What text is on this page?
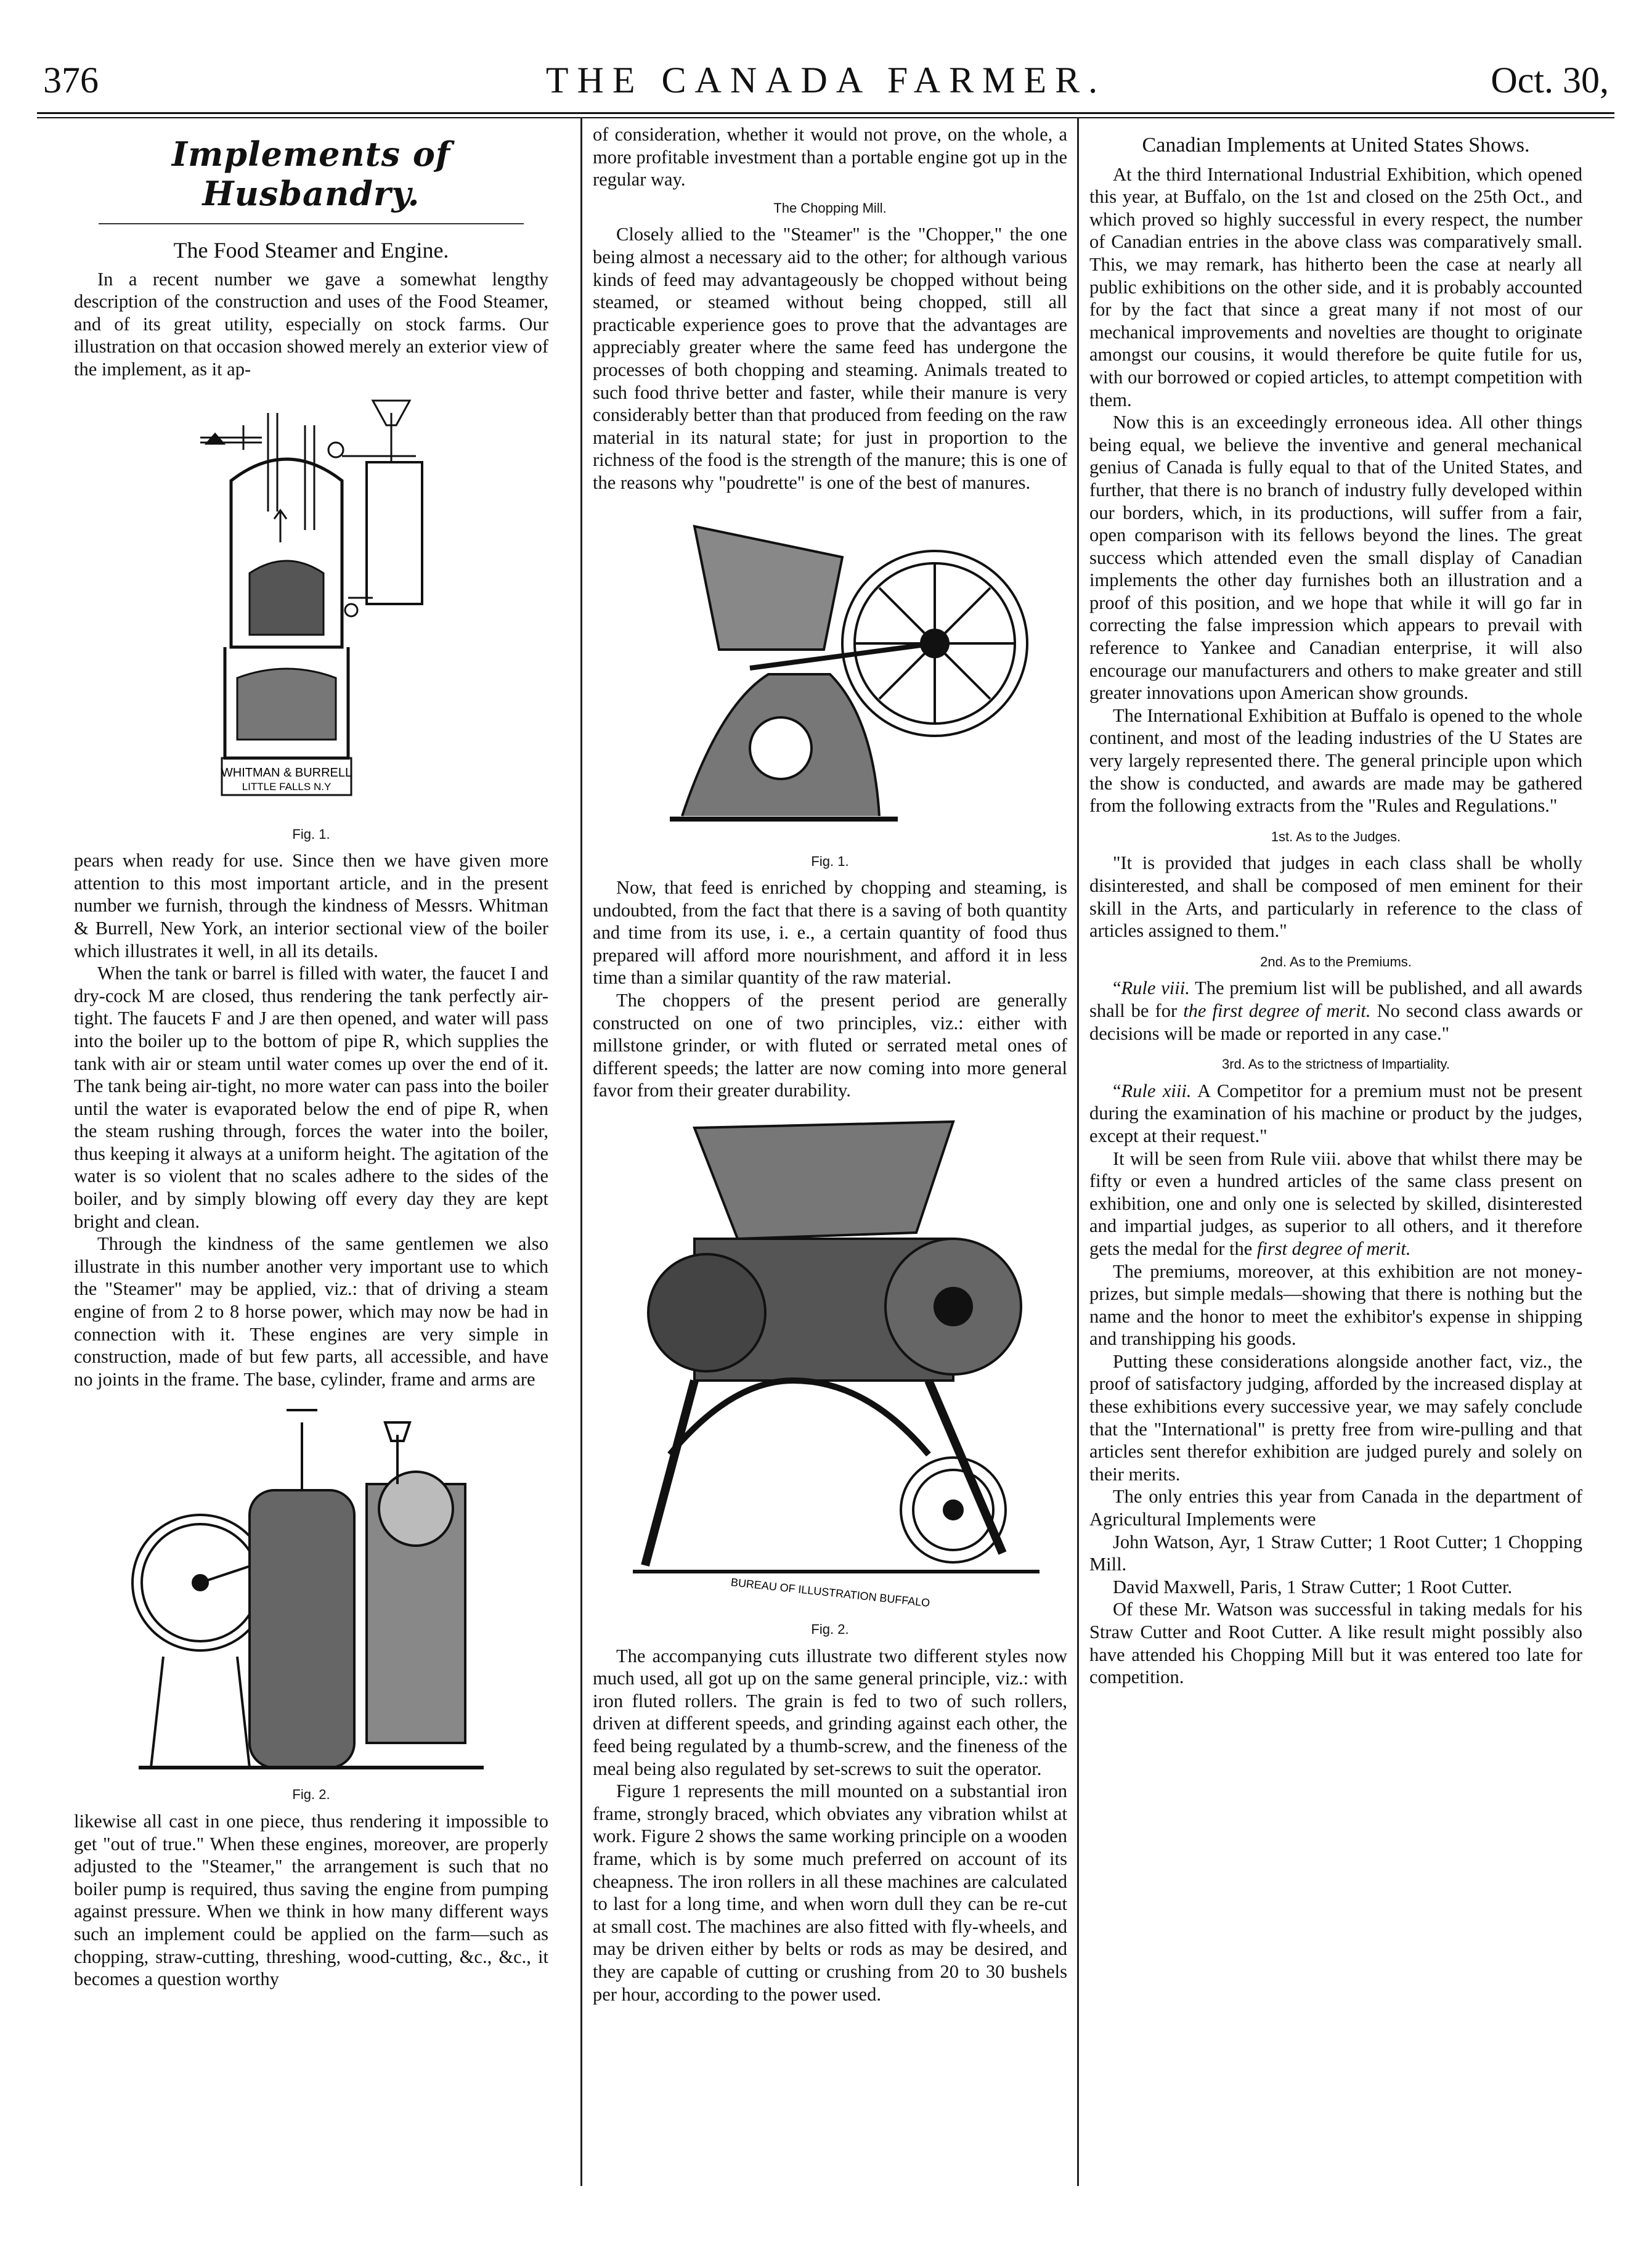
376	THE CANADA FARMER.	Oct. 30,
Implements of Husbandry.
The Food Steamer and Engine.

In a recent number we gave a somewhat lengthy description of the construction and uses of the Food Steamer, and of its great utility, especially on stock farms. Our illustration on that occasion showed merely an exterior view of the implement, as it ap-

WHITMAN & BURRELL
LITTLE FALLS N.Y
Fig. 1.

pears when ready for use. Since then we have given more attention to this most important article, and in the present number we furnish, through the kindness of Messrs. Whitman & Burrell, New York, an interior sectional view of the boiler which illustrates it well, in all its details.

When the tank or barrel is filled with water, the faucet I and dry-cock M are closed, thus rendering the tank perfectly air-tight. The faucets F and J are then opened, and water will pass into the boiler up to the bottom of pipe R, which supplies the tank with air or steam until water comes up over the end of it. The tank being air-tight, no more water can pass into the boiler until the water is evaporated below the end of pipe R, when the steam rushing through, forces the water into the boiler, thus keeping it always at a uniform height. The agitation of the water is so violent that no scales adhere to the sides of the boiler, and by simply blowing off every day they are kept bright and clean.

Through the kindness of the same gentlemen we also illustrate in this number another very important use to which the "Steamer" may be applied, viz.: that of driving a steam engine of from 2 to 8 horse power, which may now be had in connection with it. These engines are very simple in construction, made of but few parts, all accessible, and have no joints in the frame. The base, cylinder, frame and arms are

Fig. 2.

likewise all cast in one piece, thus rendering it impossible to get "out of true." When these engines, moreover, are properly adjusted to the "Steamer," the arrangement is such that no boiler pump is required, thus saving the engine from pumping against pressure. When we think in how many different ways such an implement could be applied on the farm—such as chopping, straw-cutting, threshing, wood-cutting, &c., &c., it becomes a question worthy

of consideration, whether it would not prove, on the whole, a more profitable investment than a portable engine got up in the regular way.

The Chopping Mill.

Closely allied to the "Steamer" is the "Chopper," the one being almost a necessary aid to the other; for although various kinds of feed may advantageously be chopped without being steamed, or steamed without being chopped, still all practicable experience goes to prove that the advantages are appreciably greater where the same feed has undergone the processes of both chopping and steaming. Animals treated to such food thrive better and faster, while their manure is very considerably better than that produced from feeding on the raw material in its natural state; for just in proportion to the richness of the food is the strength of the manure; this is one of the reasons why "poudrette" is one of the best of manures.

Fig. 1.

Now, that feed is enriched by chopping and steaming, is undoubted, from the fact that there is a saving of both quantity and time from its use, i. e., a certain quantity of food thus prepared will afford more nourishment, and afford it in less time than a similar quantity of the raw material.

The choppers of the present period are generally constructed on one of two principles, viz.: either with millstone grinder, or with fluted or serrated metal ones of different speeds; the latter are now coming into more general favor from their greater durability.

BUREAU OF ILLUSTRATION BUFFALO
Fig. 2.

The accompanying cuts illustrate two different styles now much used, all got up on the same general principle, viz.: with iron fluted rollers. The grain is fed to two of such rollers, driven at different speeds, and grinding against each other, the feed being regulated by a thumb-screw, and the fineness of the meal being also regulated by set-screws to suit the operator.

Figure 1 represents the mill mounted on a substantial iron frame, strongly braced, which obviates any vibration whilst at work. Figure 2 shows the same working principle on a wooden frame, which is by some much preferred on account of its cheapness. The iron rollers in all these machines are calculated to last for a long time, and when worn dull they can be re-cut at small cost. The machines are also fitted with fly-wheels, and may be driven either by belts or rods as may be desired, and they are capable of cutting or crushing from 20 to 30 bushels per hour, according to the power used.

Canadian Implements at United States Shows.

At the third International Industrial Exhibition, which opened this year, at Buffalo, on the 1st and closed on the 25th Oct., and which proved so highly successful in every respect, the number of Canadian entries in the above class was comparatively small. This, we may remark, has hitherto been the case at nearly all public exhibitions on the other side, and it is probably accounted for by the fact that since a great many if not most of our mechanical improvements and novelties are thought to originate amongst our cousins, it would therefore be quite futile for us, with our borrowed or copied articles, to attempt competition with them.

Now this is an exceedingly erroneous idea. All other things being equal, we believe the inventive and general mechanical genius of Canada is fully equal to that of the United States, and further, that there is no branch of industry fully developed within our borders, which, in its productions, will suffer from a fair, open comparison with its fellows beyond the lines. The great success which attended even the small display of Canadian implements the other day furnishes both an illustration and a proof of this position, and we hope that while it will go far in correcting the false impression which appears to prevail with reference to Yankee and Canadian enterprise, it will also encourage our manufacturers and others to make greater and still greater innovations upon American show grounds.

The International Exhibition at Buffalo is opened to the whole continent, and most of the leading industries of the U States are very largely represented there. The general principle upon which the show is conducted, and awards are made may be gathered from the following extracts from the "Rules and Regulations."

1st. As to the Judges.

"It is provided that judges in each class shall be wholly disinterested, and shall be composed of men eminent for their skill in the Arts, and particularly in reference to the class of articles assigned to them."

2nd. As to the Premiums.

“Rule viii. The premium list will be published, and all awards shall be for the first degree of merit. No second class awards or decisions will be made or reported in any case."

3rd. As to the strictness of Impartiality.

“Rule xiii. A Competitor for a premium must not be present during the examination of his machine or product by the judges, except at their request."

It will be seen from Rule viii. above that whilst there may be fifty or even a hundred articles of the same class present on exhibition, one and only one is selected by skilled, disinterested and impartial judges, as superior to all others, and it therefore gets the medal for the first degree of merit.

The premiums, moreover, at this exhibition are not money-prizes, but simple medals—showing that there is nothing but the name and the honor to meet the exhibitor's expense in shipping and transhipping his goods.

Putting these considerations alongside another fact, viz., the proof of satisfactory judging, afforded by the increased display at these exhibitions every successive year, we may safely conclude that the "International" is pretty free from wire-pulling and that articles sent therefor exhibition are judged purely and solely on their merits.

The only entries this year from Canada in the department of Agricultural Implements were

John Watson, Ayr, 1 Straw Cutter; 1 Root Cutter; 1 Chopping Mill.

David Maxwell, Paris, 1 Straw Cutter; 1 Root Cutter.

Of these Mr. Watson was successful in taking medals for his Straw Cutter and Root Cutter. A like result might possibly also have attended his Chopping Mill but it was entered too late for competition.
